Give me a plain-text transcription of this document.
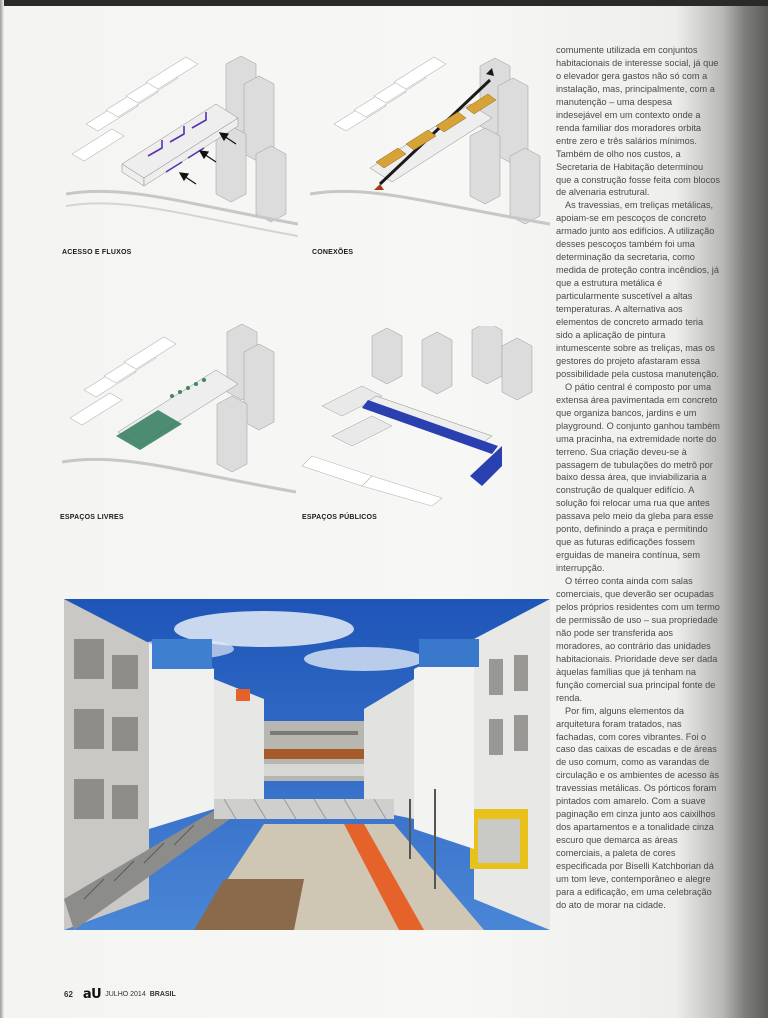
ACESSO E FLUXOS	CONEXÕES
ESPAÇOS LIVRES	ESPAÇOS PÚBLICOS

comumente utilizada em conjuntos habitacionais de interesse social, já que o elevador gera gastos não só com a instalação, mas, principalmente, com a manutenção – uma despesa indesejável em um contexto onde a renda familiar dos moradores orbita entre zero e três salários mínimos. Também de olho nos custos, a Secretaria de Habitação determinou que a construção fosse feita com blocos de alvenaria estrutural.

As travessias, em treliças metálicas, apoiam-se em pescoços de concreto armado junto aos edifícios. A utilização desses pescoços também foi uma determinação da secretaria, como medida de proteção contra incêndios, já que a estrutura metálica é particularmente suscetível a altas temperaturas. A alternativa aos elementos de concreto armado teria sido a aplicação de pintura intumescente sobre as treliças, mas os gestores do projeto afastaram essa possibilidade pela custosa manutenção.

O pátio central é composto por uma extensa área pavimentada em concreto que organiza bancos, jardins e um playground. O conjunto ganhou também uma pracinha, na extremidade norte do terreno. Sua criação deveu-se à passagem de tubulações do metrô por baixo dessa área, que inviabilizaria a construção de qualquer edifício. A solução foi relocar uma rua que antes passava pelo meio da gleba para esse ponto, definindo a praça e permitindo que as futuras edificações fossem erguidas de maneira contínua, sem interrupção.

O térreo conta ainda com salas comerciais, que deverão ser ocupadas pelos próprios residentes com um termo de permissão de uso – sua propriedade não pode ser transferida aos moradores, ao contrário das unidades habitacionais. Prioridade deve ser dada àquelas famílias que já tenham na função comercial sua principal fonte de renda.

Por fim, alguns elementos da arquitetura foram tratados, nas fachadas, com cores vibrantes. Foi o caso das caixas de escadas e de áreas de uso comum, como as varandas de circulação e os ambientes de acesso às travessias metálicas. Os pórticos foram pintados com amarelo. Com a suave paginação em cinza junto aos caixilhos dos apartamentos e a tonalidade cinza escuro que demarca as áreas comerciais, a paleta de cores especificada por Biselli Katchborian dá um tom leve, contemporâneo e alegre para a edificação, em uma celebração do ato de morar na cidade.

62 aU JULHO 2014 BRASIL
